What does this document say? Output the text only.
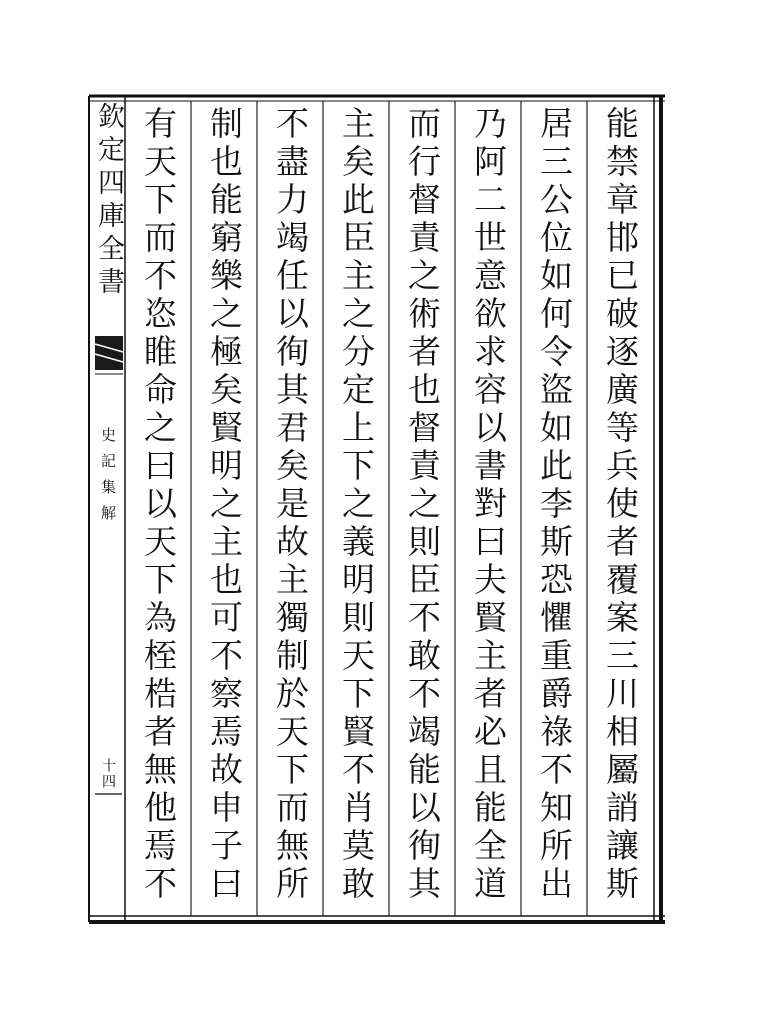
欽定四庫全書
史記集解
十四	能禁章邯已破逐廣等兵使者覆案三川相屬誚讓斯
居三公位如何令盜如此李斯恐懼重爵祿不知所出
乃阿二世意欲求容以書對曰夫賢主者必且能全道
而行督責之術者也督責之則臣不敢不竭能以徇其
主矣此臣主之分定上下之義明則天下賢不肖莫敢
不盡力竭任以徇其君矣是故主獨制於天下而無所
制也能窮樂之極矣賢明之主也可不察焉故申子曰
有天下而不恣睢命之曰以天下為桎梏者無他焉不
